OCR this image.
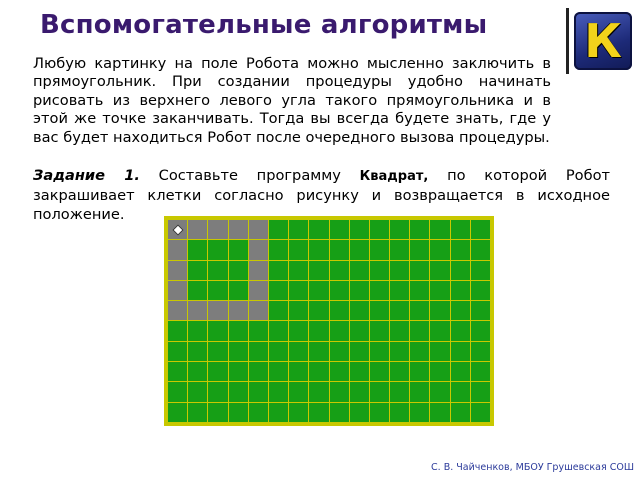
Вспомогательные алгоритмы К
Любую картинку на поле Робота можно мысленно заключить в прямоугольник. При создании процедуры удобно начинать рисовать из верхнего левого угла такого прямоугольника и в этой же точке заканчивать. Тогда вы всегда будете знать, где у вас будет находиться Робот после очередного вызова процедуры.
Задание 1. Составьте программу Квадрат, по которой Робот закрашивает клетки согласно рисунку и возвращается в исходное положение.
С. В. Чайченков, МБОУ Грушевская СОШ
